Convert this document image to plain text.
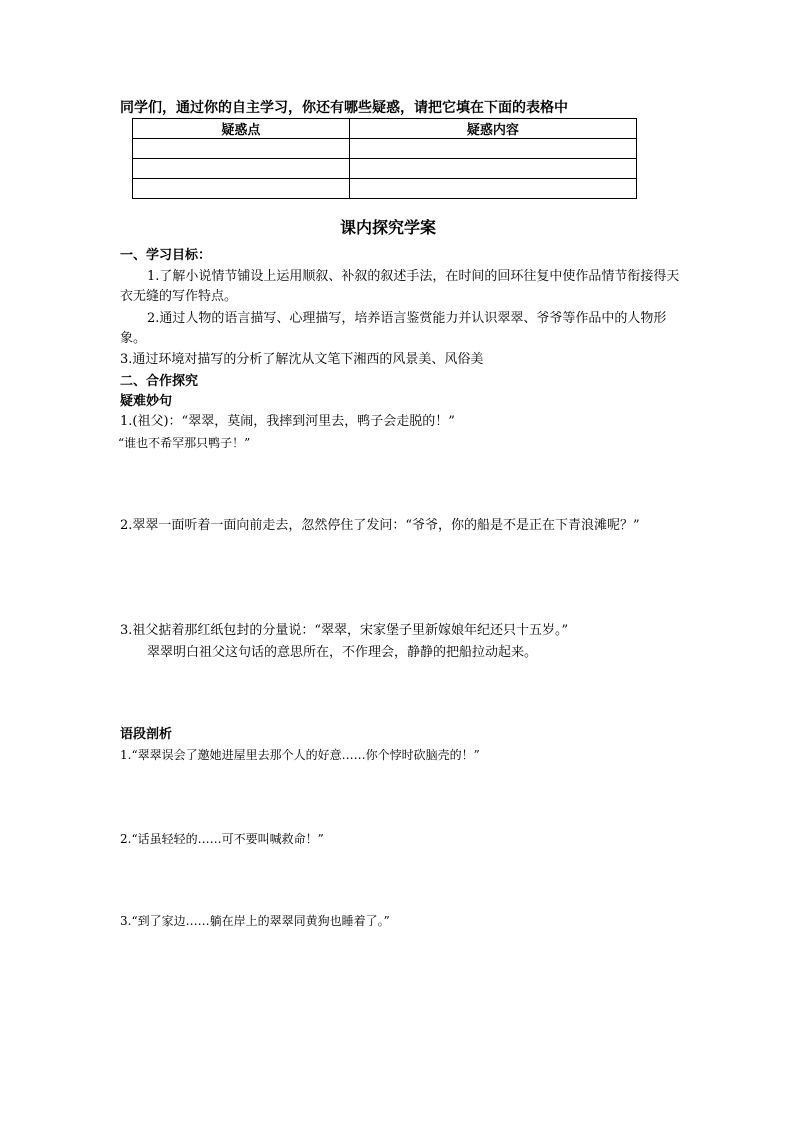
同学们，通过你的自主学习，你还有哪些疑惑，请把它填在下面的表格中
疑惑点	疑惑内容

课内探究学案
一、学习目标：
1.了解小说情节铺设上运用顺叙、补叙的叙述手法，在时间的回环往复中使作品情节衔接得天衣无缝的写作特点。
2.通过人物的语言描写、心理描写，培养语言鉴赏能力并认识翠翠、爷爷等作品中的人物形象。
3.通过环境对描写的分析了解沈从文笔下湘西的风景美、风俗美
二、合作探究
疑难妙句
1.(祖父)：“翠翠，莫闹，我摔到河里去，鸭子会走脱的！”
“谁也不希罕那只鸭子！”
2.翠翠一面听着一面向前走去，忽然停住了发问：“爷爷，你的船是不是正在下青浪滩呢？”
3.祖父掂着那红纸包封的分量说：“翠翠，宋家堡子里新嫁娘年纪还只十五岁。”
翠翠明白祖父这句话的意思所在，不作理会，静静的把船拉动起来。
语段剖析
1.“翠翠误会了邀她进屋里去那个人的好意……你个悖时砍脑壳的！”
2.“话虽轻轻的……可不要叫喊救命！”
3.“到了家边……躺在岸上的翠翠同黄狗也睡着了。”
